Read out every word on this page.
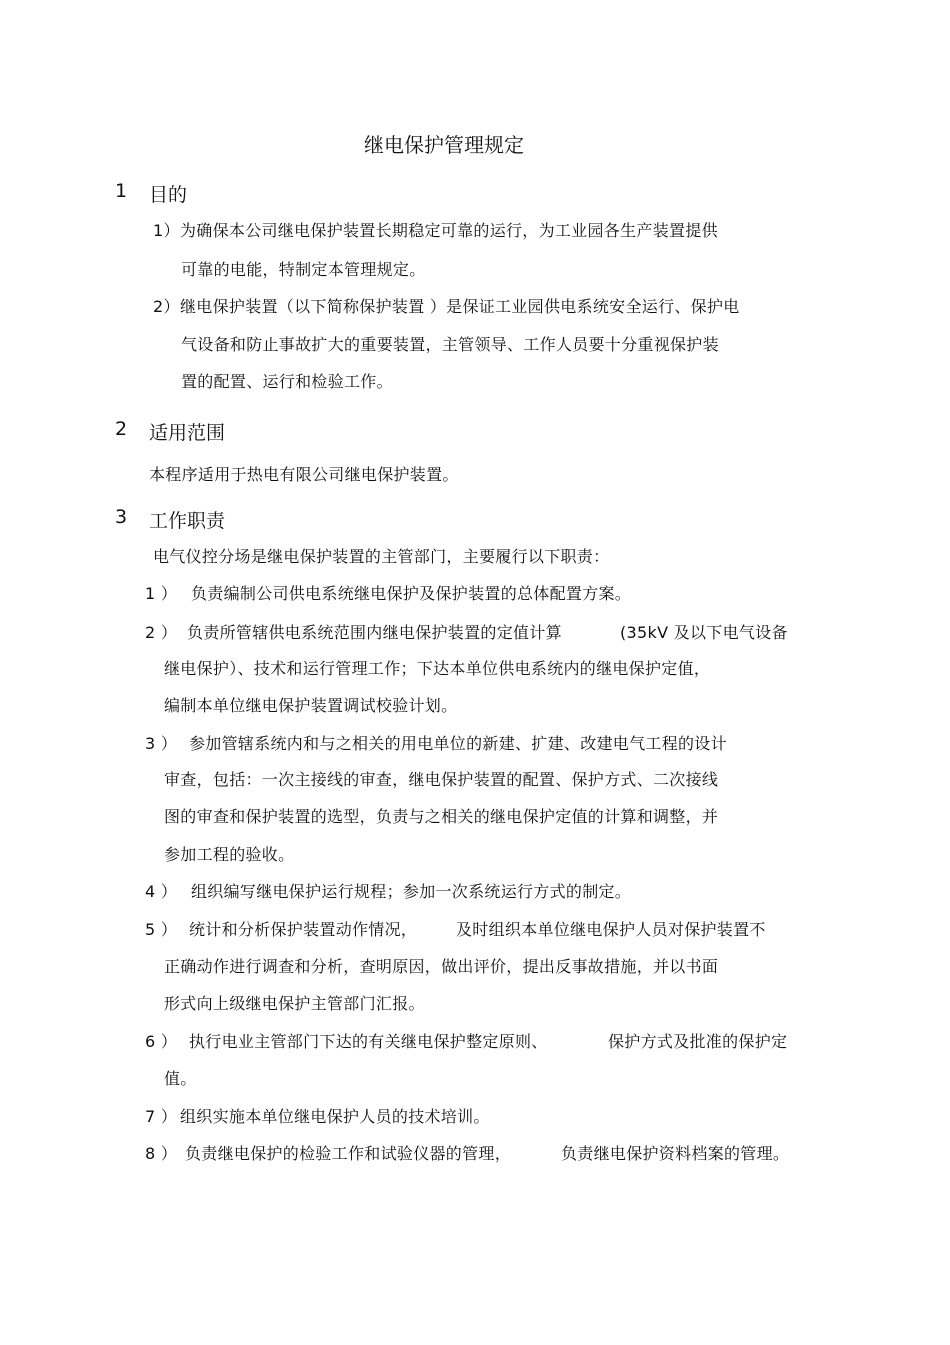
继电保护管理规定
1 目的
1） 为确保本公司继电保护装置长期稳定可靠的运行，为工业园各生产装置提供
可靠的电能，特制定本管理规定。
2） 继电保护装置（以下简称保护装置 ）是保证工业园供电系统安全运行、保护电
气设备和防止事故扩大的重要装置，主管领导、工作人员要十分重视保护装
置的配置、运行和检验工作。
2 适用范围
本程序适用于热电有限公司继电保护装置。
3 工作职责
电气仪控分场是继电保护装置的主管部门，主要履行以下职责：
1 ） 负责编制公司供电系统继电保护及保护装置的总体配置方案。
2 ） 负责所管辖供电系统范围内继电保护装置的定值计算	(35kV 及以下电气设备
继电保护）、技术和运行管理工作；下达本单位供电系统内的继电保护定值，
编制本单位继电保护装置调试校验计划。
3 ） 参加管辖系统内和与之相关的用电单位的新建、扩建、改建电气工程的设计
审查，包括：一次主接线的审查，继电保护装置的配置、保护方式、二次接线
图的审查和保护装置的选型，负责与之相关的继电保护定值的计算和调整，并
参加工程的验收。
4 ） 组织编写继电保护运行规程；参加一次系统运行方式的制定。
5 ） 统计和分析保护装置动作情况， 及时组织本单位继电保护人员对保护装置不
正确动作进行调查和分析，查明原因，做出评价，提出反事故措施，并以书面
形式向上级继电保护主管部门汇报。
6 ） 执行电业主管部门下达的有关继电保护整定原则、	保护方式及批准的保护定
值。
7 ） 组织实施本单位继电保护人员的技术培训。
8 ） 负责继电保护的检验工作和试验仪器的管理，	负责继电保护资料档案的管理。
